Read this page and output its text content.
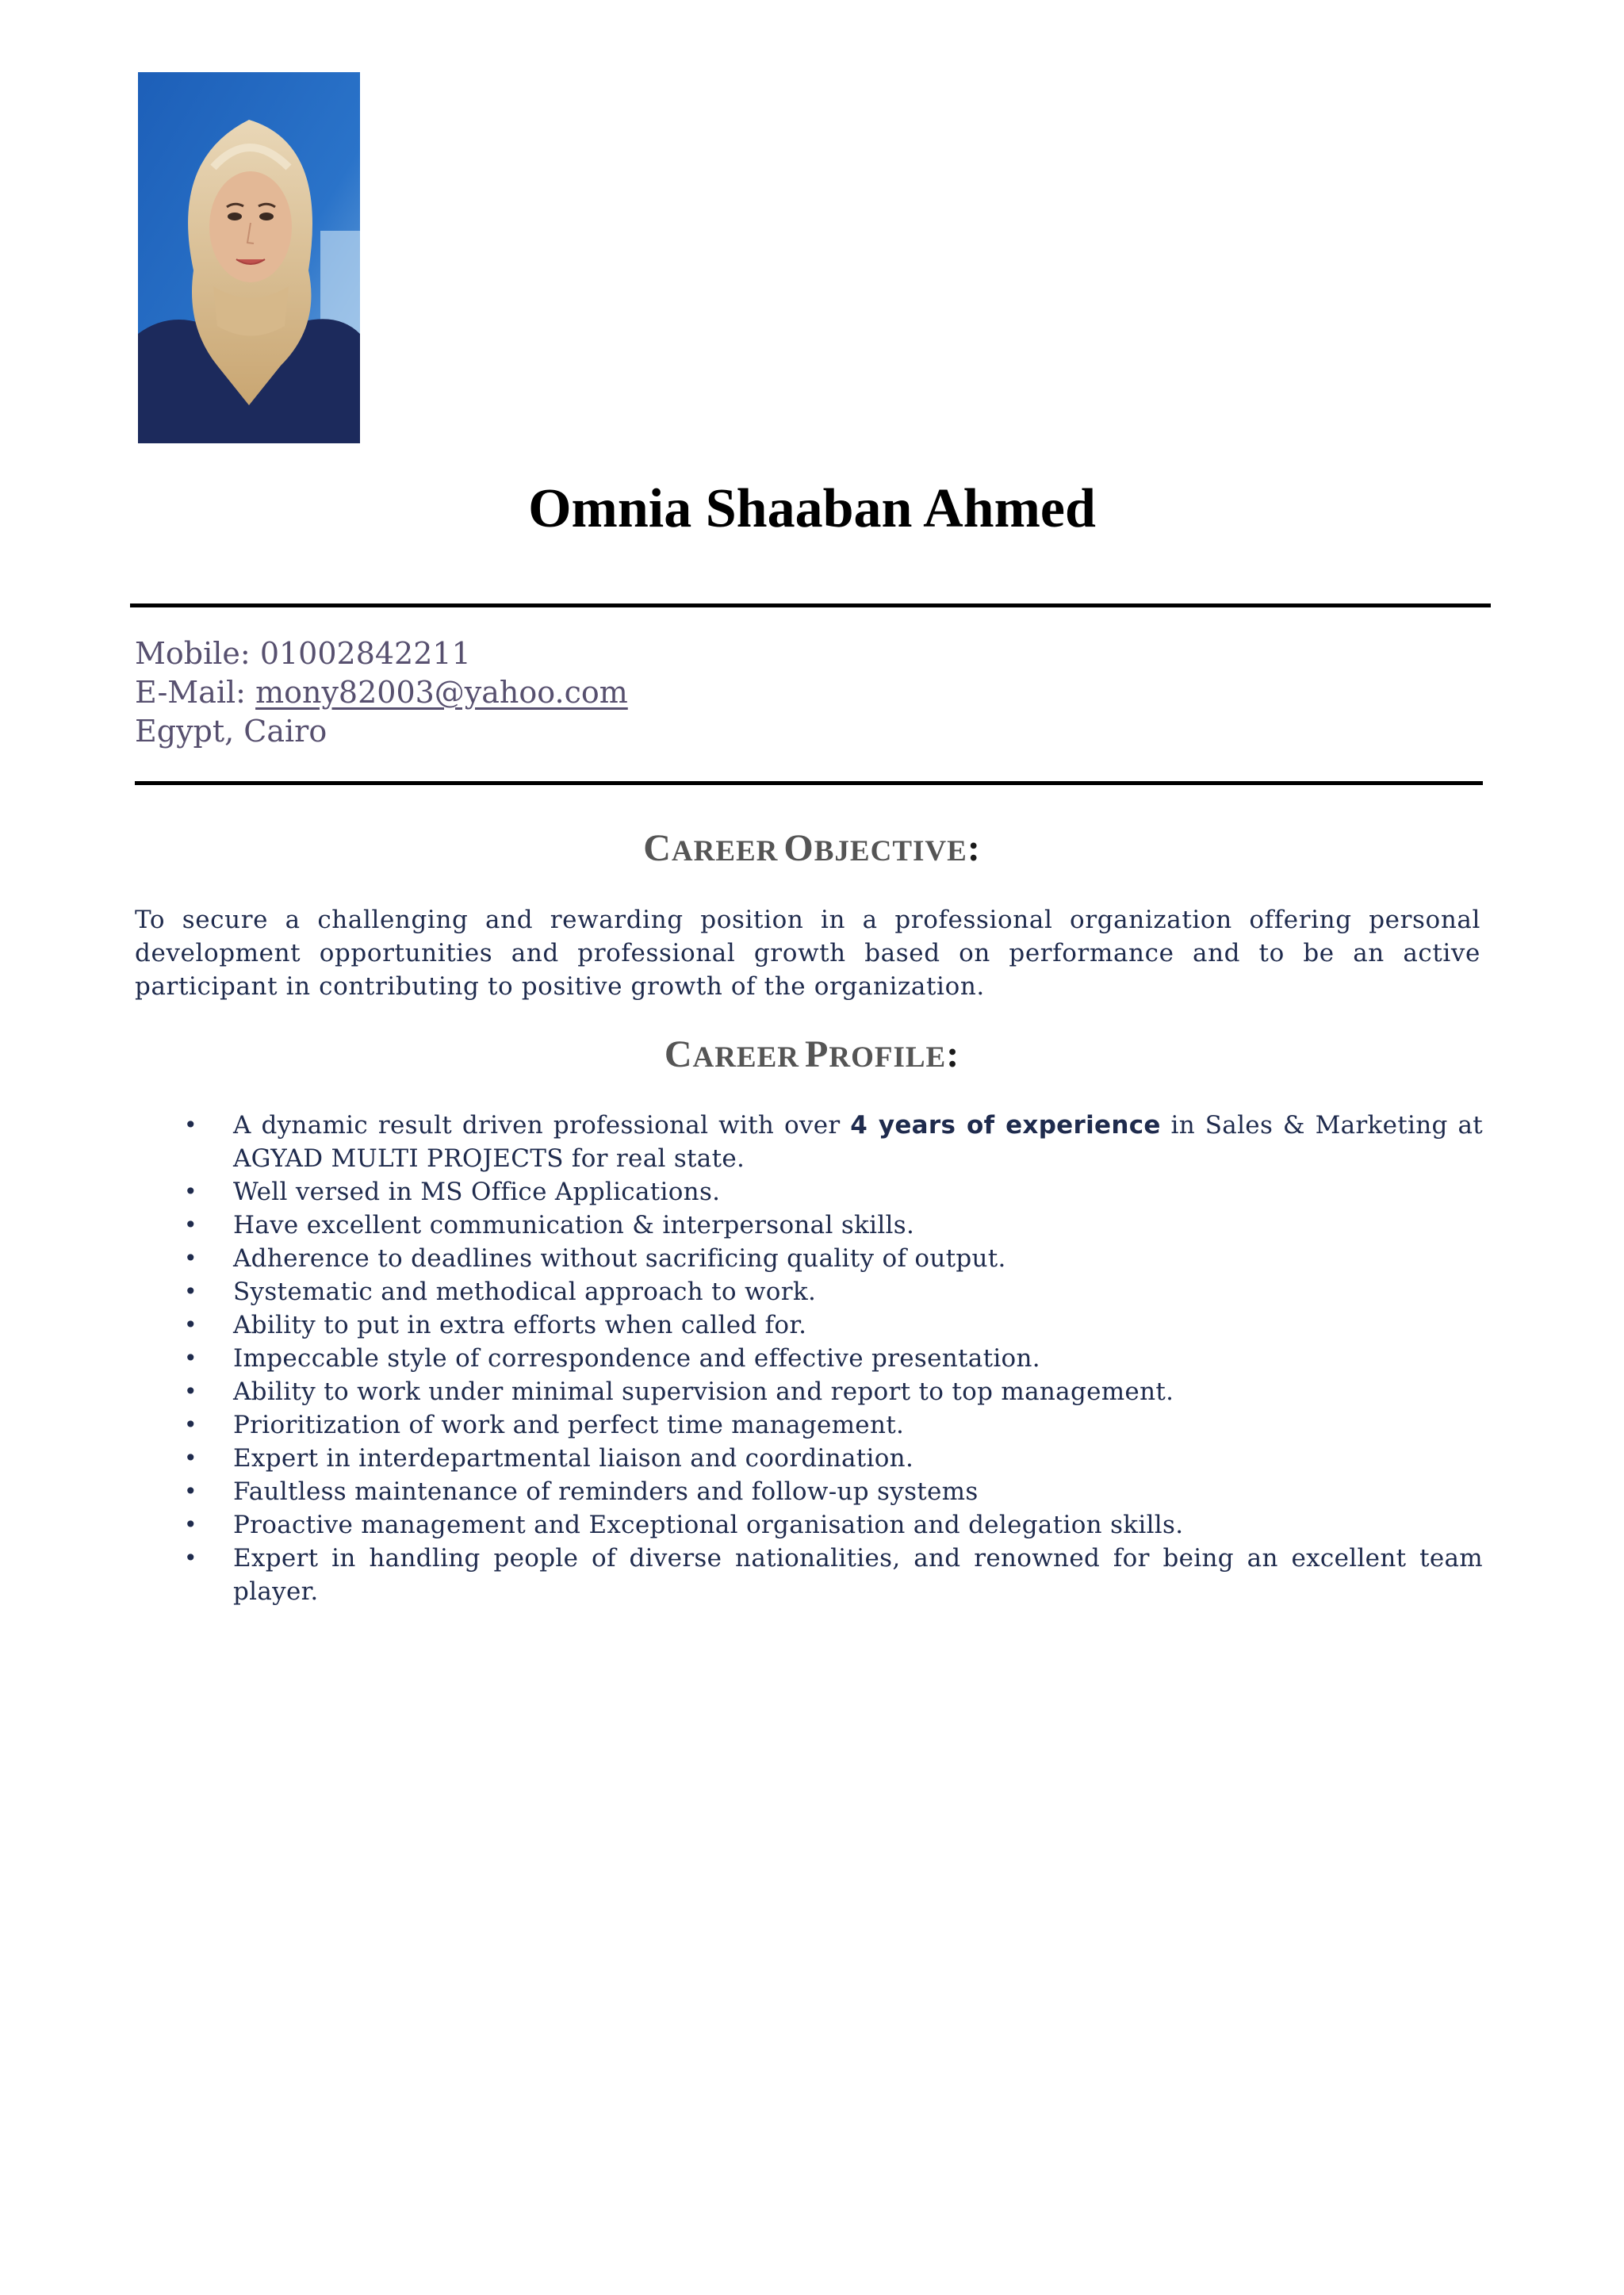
Omnia Shaaban Ahmed
Mobile: 01002842211
E-Mail: mony82003@yahoo.com
Egypt, Cairo
CAREER OBJECTIVE:

To secure a challenging and rewarding position in a professional organization offering personal development opportunities and professional growth based on performance and to be an active participant in contributing to positive growth of the organization.

CAREER PROFILE:
• A dynamic result driven professional with over 4 years of experience in Sales & Marketing at AGYAD MULTI PROJECTS for real state.
• Well versed in MS Office Applications.
• Have excellent communication & interpersonal skills.
• Adherence to deadlines without sacrificing quality of output.
• Systematic and methodical approach to work.
• Ability to put in extra efforts when called for.
• Impeccable style of correspondence and effective presentation.
• Ability to work under minimal supervision and report to top management.
• Prioritization of work and perfect time management.
• Expert in interdepartmental liaison and coordination.
• Faultless maintenance of reminders and follow-up systems
• Proactive management and Exceptional organisation and delegation skills.
• Expert in handling people of diverse nationalities, and renowned for being an excellent team player.
